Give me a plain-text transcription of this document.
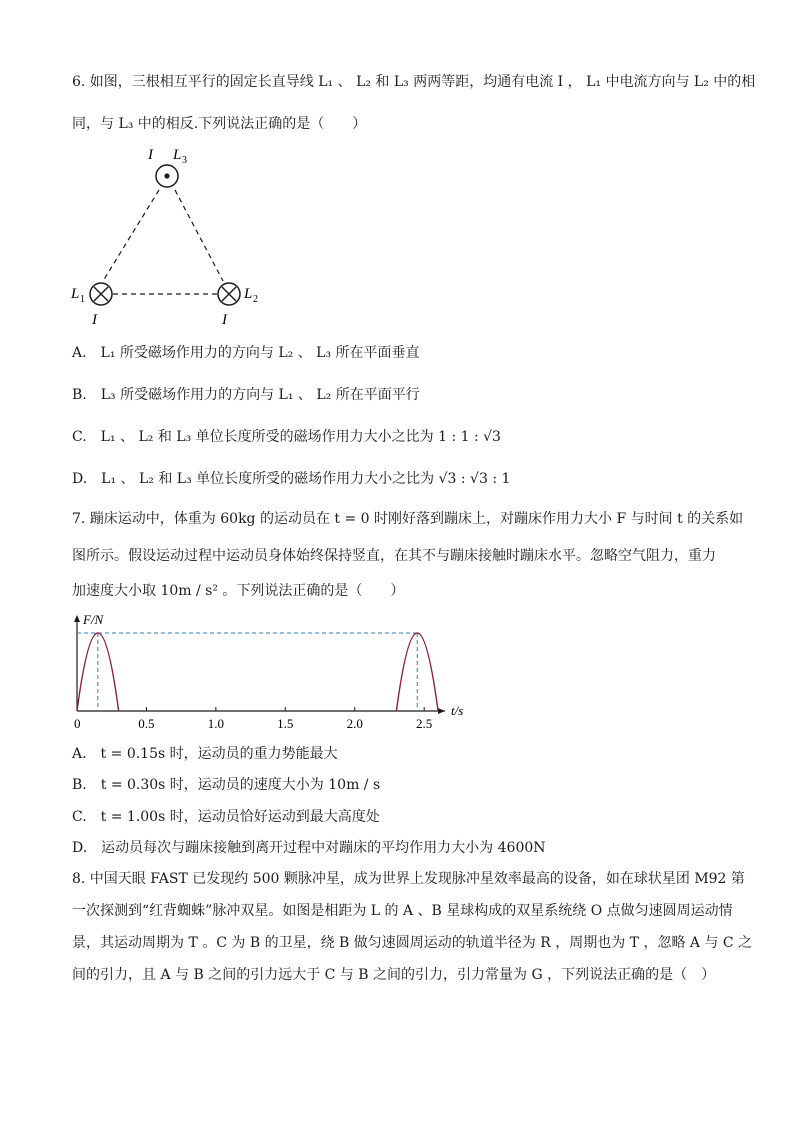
6. 如图，三根相互平行的固定长直导线 L₁ 、 L₂ 和 L₃ 两两等距，均通有电流 I ， L₁ 中电流方向与 L₂ 中的相
同，与 L₃ 中的相反.下列说法正确的是（　　）
I L 3
L 1
I
L 2
I
A.　L₁ 所受磁场作用力的方向与 L₂ 、 L₃ 所在平面垂直
B.　L₃ 所受磁场作用力的方向与 L₁ 、 L₂ 所在平面平行
C.　L₁ 、 L₂ 和 L₃ 单位长度所受的磁场作用力大小之比为 1 : 1 : √3
D.　L₁ 、 L₂ 和 L₃ 单位长度所受的磁场作用力大小之比为 √3 : √3 : 1
7. 蹦床运动中，体重为 60kg 的运动员在 t = 0 时刚好落到蹦床上，对蹦床作用力大小 F 与时间 t 的关系如
图所示。假设运动过程中运动员身体始终保持竖直，在其不与蹦床接触时蹦床水平。忽略空气阻力，重力
加速度大小取 10m / s² 。下列说法正确的是（　　）
F/N
t/s
0	0.5	1.0	1.5	2.0	2.5
A.　t = 0.15s 时，运动员的重力势能最大
B.　t = 0.30s 时，运动员的速度大小为 10m / s
C.　t = 1.00s 时，运动员恰好运动到最大高度处
D.　运动员每次与蹦床接触到离开过程中对蹦床的平均作用力大小为 4600N
8. 中国天眼 FAST 已发现约 500 颗脉冲星，成为世界上发现脉冲星效率最高的设备，如在球状星团 M92 第
一次探测到“红背蜘蛛”脉冲双星。如图是相距为 L 的 A 、B 星球构成的双星系统绕 O 点做匀速圆周运动情
景，其运动周期为 T 。C 为 B 的卫星，绕 B 做匀速圆周运动的轨道半径为 R ，周期也为 T ，忽略 A 与 C 之
间的引力，且 A 与 B 之间的引力远大于 C 与 B 之间的引力，引力常量为 G ，下列说法正确的是（　）
